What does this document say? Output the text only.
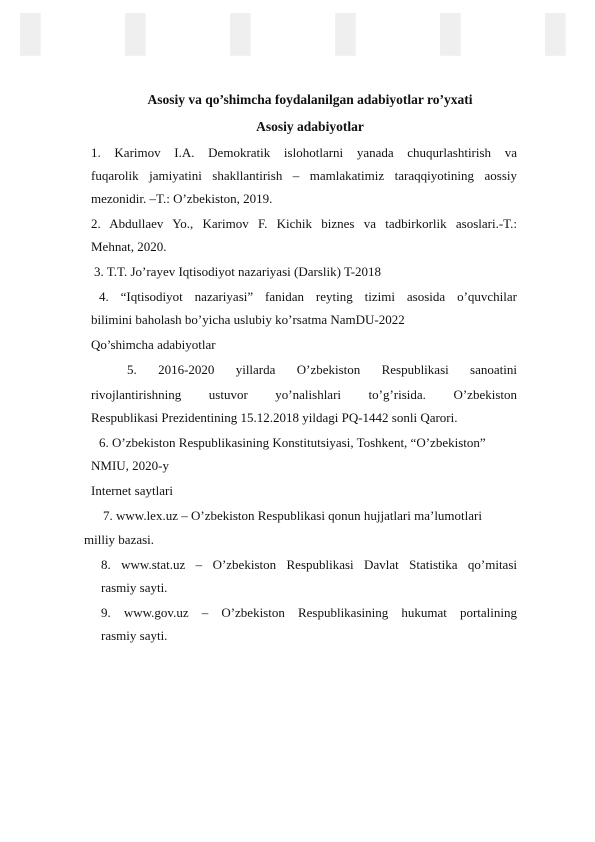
▮	▮	▮	▮	▮	▮
Asosiy va qo’shimcha foydalanilgan adabiyotlar ro’yxati
Asosiy adabiyotlar
1. Karimov I.A. Demokratik islohotlarni yanada chuqurlashtirish va
fuqarolik jamiyatini shakllantirish – mamlakatimiz taraqqiyotining aossiy
mezonidir. –T.: O’zbekiston, 2019.
2. Abdullaev Yo., Karimov F. Kichik biznes va tadbirkorlik asoslari.-T.:
Mehnat, 2020.
3. T.T. Jo’rayev Iqtisodiyot nazariyasi (Darslik) T-2018
4. “Iqtisodiyot nazariyasi” fanidan reyting tizimi asosida o’quvchilar
bilimini baholash bo’yicha uslubiy ko’rsatma NamDU-2022
Qo’shimcha adabiyotlar
5. 2016-2020 yillarda O’zbekiston Respublikasi sanoatini
rivojlantirishning ustuvor yo’nalishlari to’g’risida. O’zbekiston
Respublikasi Prezidentining 15.12.2018 yildagi PQ-1442 sonli Qarori.
6. O’zbekiston Respublikasining Konstitutsiyasi, Toshkent, “O’zbekiston”
NMIU, 2020-y
Internet saytlari
7. www.lex.uz – O’zbekiston Respublikasi qonun hujjatlari ma’lumotlari
milliy bazasi.
8. www.stat.uz – O’zbekiston Respublikasi Davlat Statistika qo’mitasi
rasmiy sayti.
9. www.gov.uz – O’zbekiston Respublikasining hukumat portalining
rasmiy sayti.
